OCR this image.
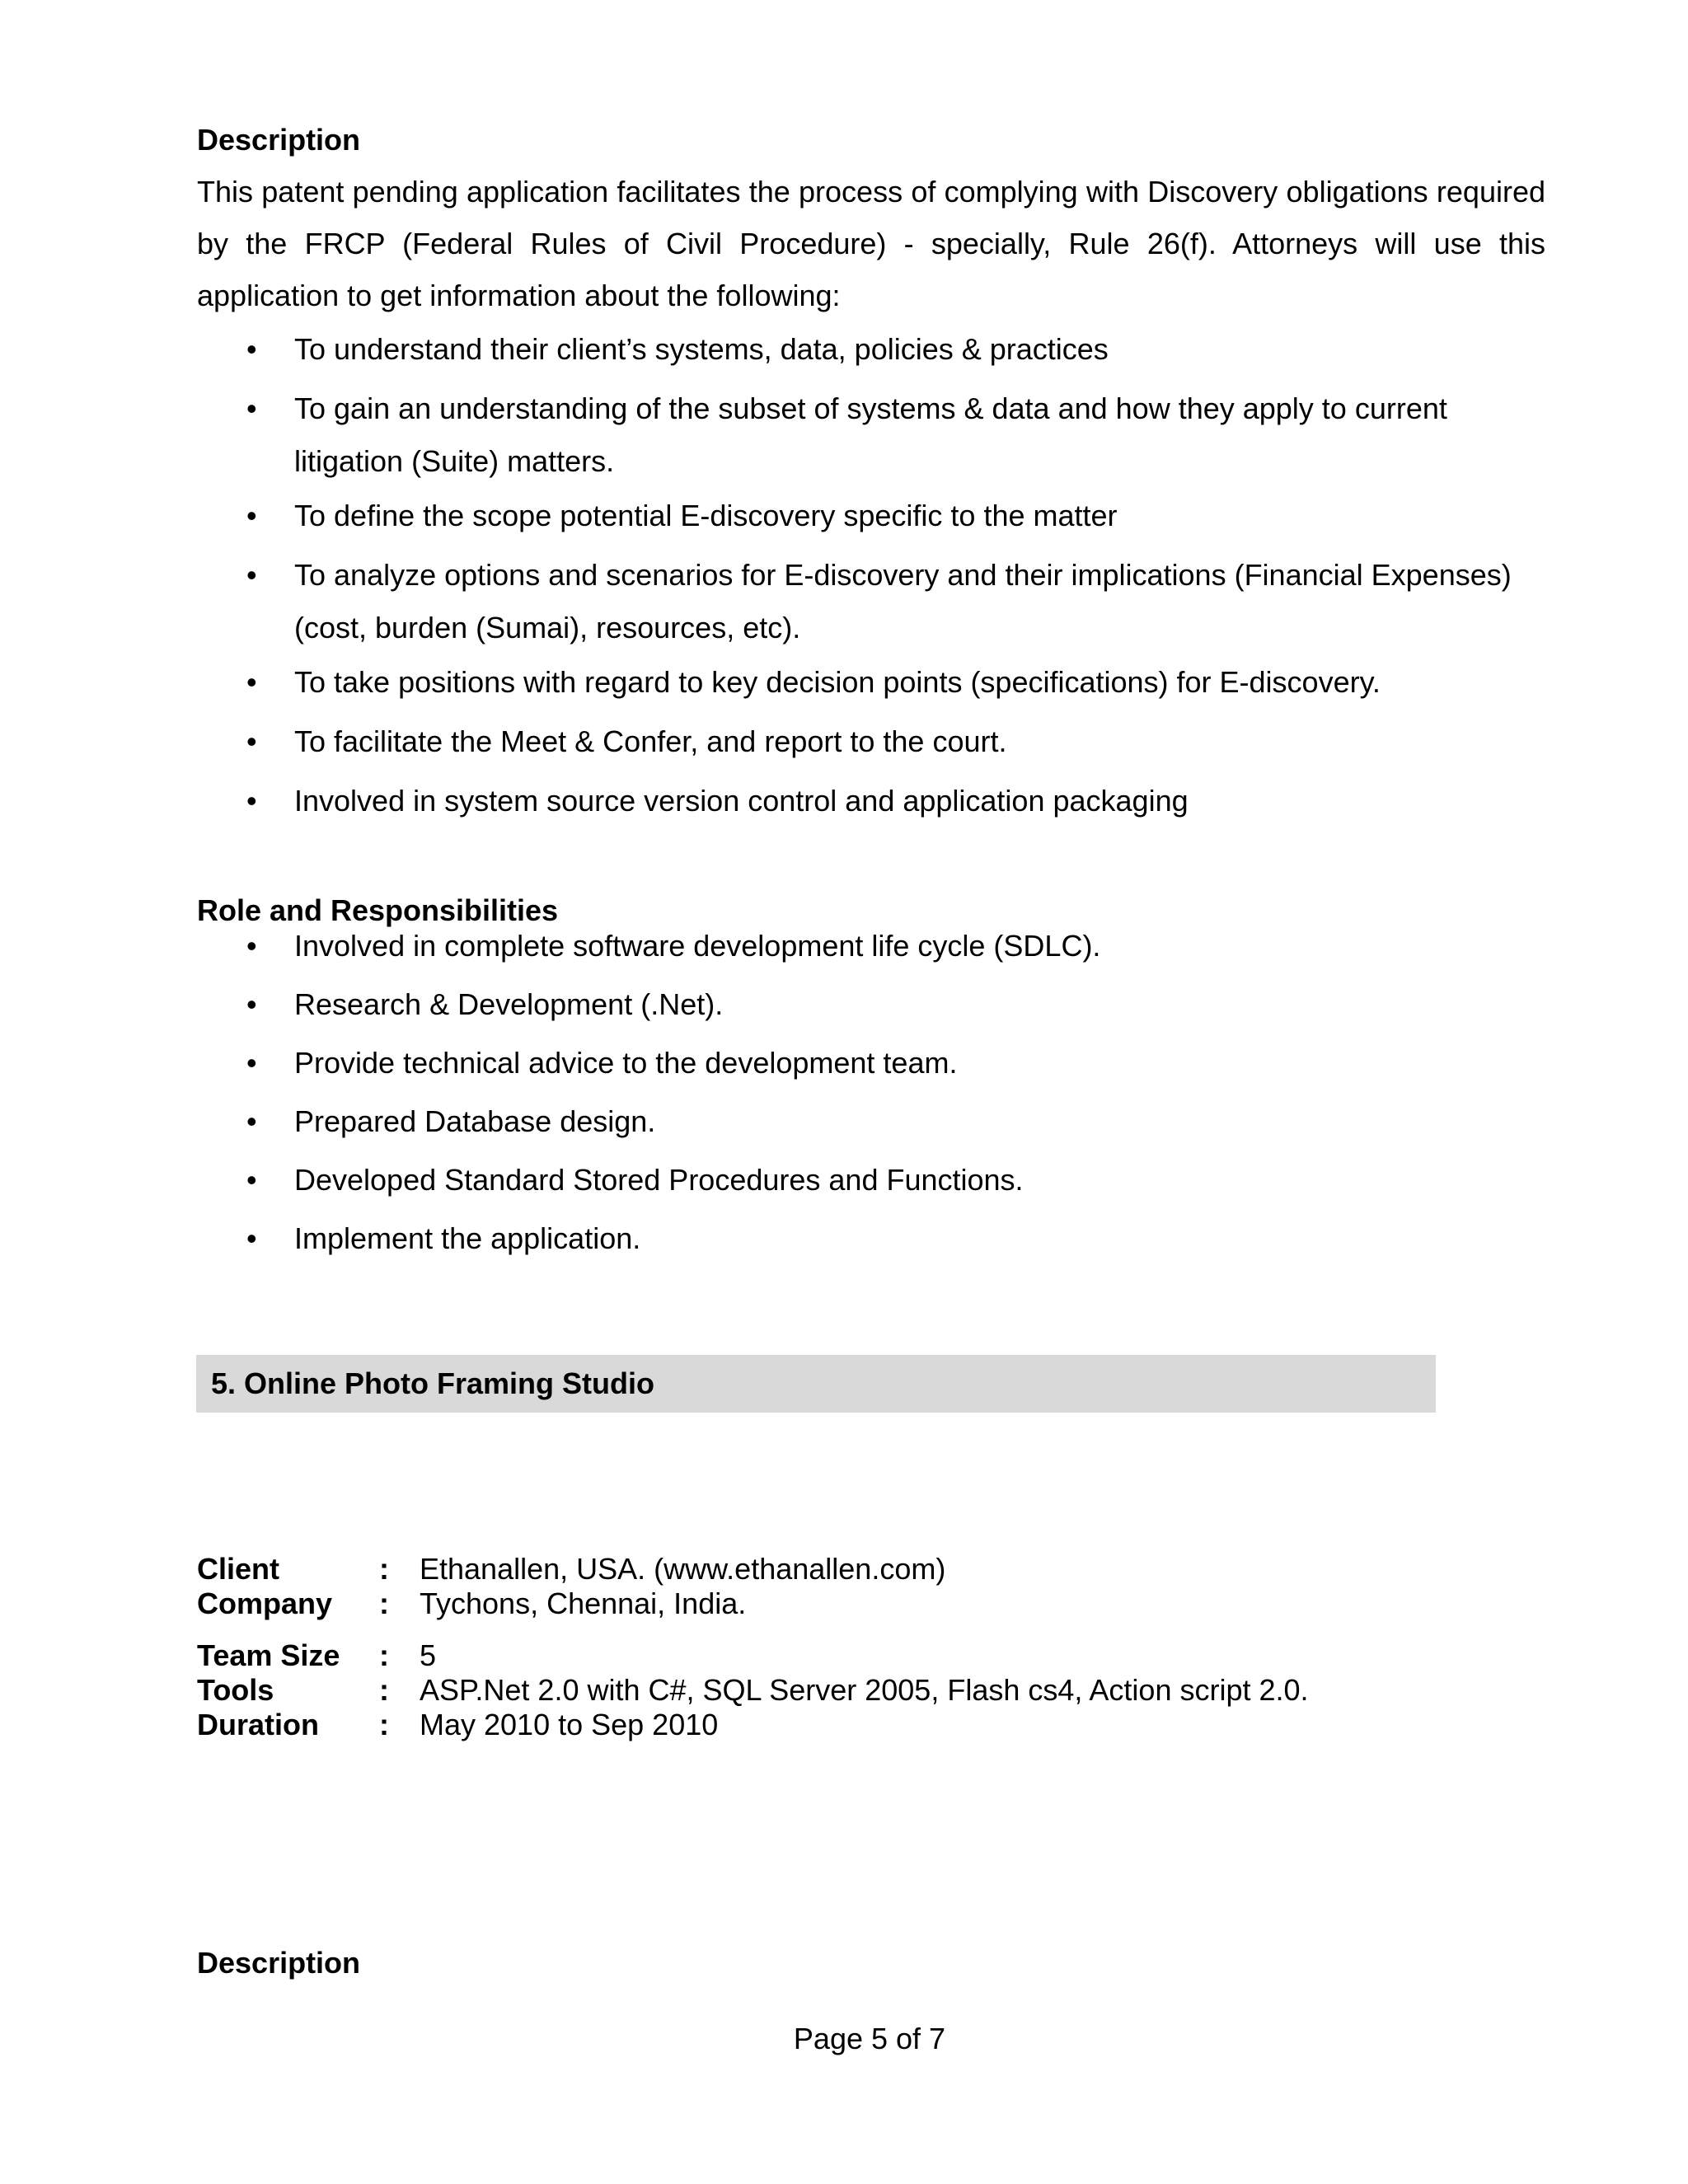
Description

This patent pending application facilitates the process of complying with Discovery obligations required by the FRCP (Federal Rules of Civil Procedure) - specially, Rule 26(f). Attorneys will use this application to get information about the following:

• To understand their client’s systems, data, policies & practices
• To gain an understanding of the subset of systems & data and how they apply to current litigation (Suite) matters.
• To define the scope potential E-discovery specific to the matter
• To analyze options and scenarios for E-discovery and their implications (Financial Expenses) (cost, burden (Sumai), resources, etc).
• To take positions with regard to key decision points (specifications) for E-discovery.
• To facilitate the Meet & Confer, and report to the court.
• Involved in system source version control and application packaging
Role and Responsibilities
• Involved in complete software development life cycle (SDLC).
• Research & Development (.Net).
• Provide technical advice to the development team.
• Prepared Database design.
• Developed Standard Stored Procedures and Functions.
• Implement the application.
5. Online Photo Framing Studio
Client	: Ethanallen, USA. (www.ethanallen.com)
Company : Tychons, Chennai, India.
Team Size : 5
Tools	: ASP.Net 2.0 with C#, SQL Server 2005, Flash cs4, Action script 2.0.
Duration : May 2010 to Sep 2010
Description
Page 5 of 7
